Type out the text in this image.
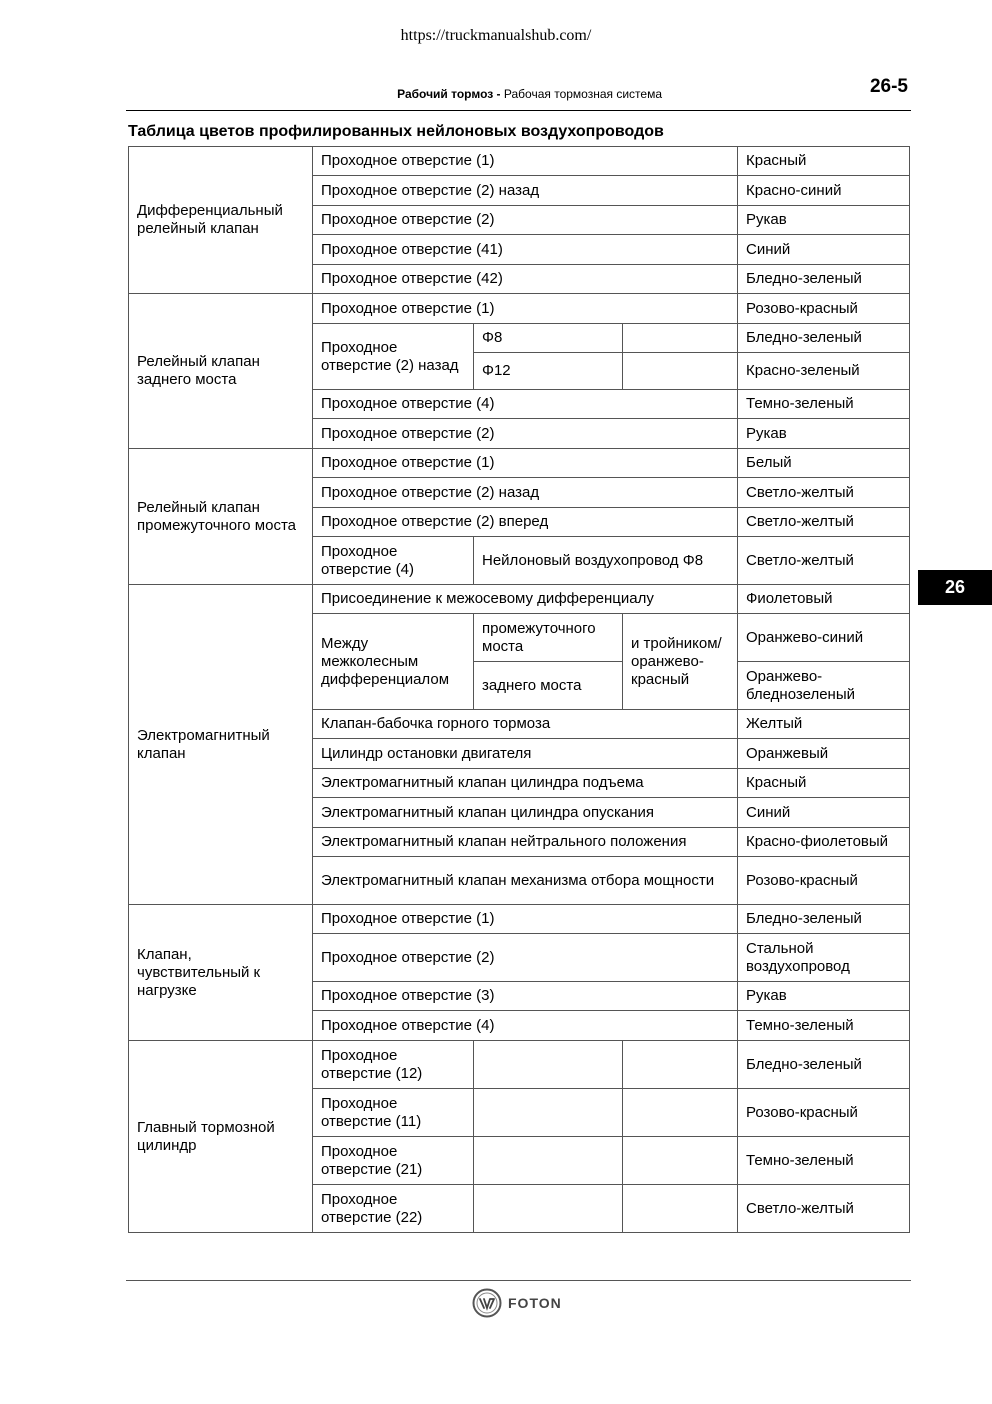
https://truckmanualshub.com/
Рабочий тормоз - Рабочая тормозная система	26-5
Таблица цветов профилированных нейлоновых воздухопроводов
Дифференциальный релейный клапан	Проходное отверстие (1)			Красный
	Проходное отверстие (2) назад			Красно-синий
	Проходное отверстие (2)			Рукав
	Проходное отверстие (41)			Синий
	Проходное отверстие (42)			Бледно-зеленый
Релейный клапан заднего моста	Проходное отверстие (1)			Розово-красный
	Проходное отверстие (2) назад	Φ8		Бледно-зеленый
		Φ12		Красно-зеленый
	Проходное отверстие (4)			Темно-зеленый
	Проходное отверстие (2)			Рукав
Релейный клапан промежуточного моста	Проходное отверстие (1)			Белый
	Проходное отверстие (2) назад			Светло-желтый
	Проходное отверстие (2) вперед			Светло-желтый
	Проходное отверстие (4)	Нейлоновый воздухопровод Φ8		Светло-желтый
Электромагнитный клапан	Присоединение к межосевому дифференциалу			Фиолетовый
	Между межколесным дифференциалом	промежуточного моста	и тройником/ оранжево-красный	Оранжево-синий
		заднего моста		Оранжево-бледнозеленый
	Клапан-бабочка горного тормоза			Желтый
	Цилиндр остановки двигателя			Оранжевый
	Электромагнитный клапан цилиндра подъема			Красный
	Электромагнитный клапан цилиндра опускания			Синий
	Электромагнитный клапан нейтрального положения			Красно-фиолетовый
	Электромагнитный клапан механизма отбора мощности			Розово-красный
Клапан, чувствительный к нагрузке	Проходное отверстие (1)			Бледно-зеленый
	Проходное отверстие (2)			Стальной воздухопровод
	Проходное отверстие (3)			Рукав
	Проходное отверстие (4)			Темно-зеленый
Главный тормозной цилиндр	Проходное отверстие (12)			Бледно-зеленый
	Проходное отверстие (11)			Розово-красный
	Проходное отверстие (21)			Темно-зеленый
	Проходное отверстие (22)			Светло-желтый
26
FOTON
